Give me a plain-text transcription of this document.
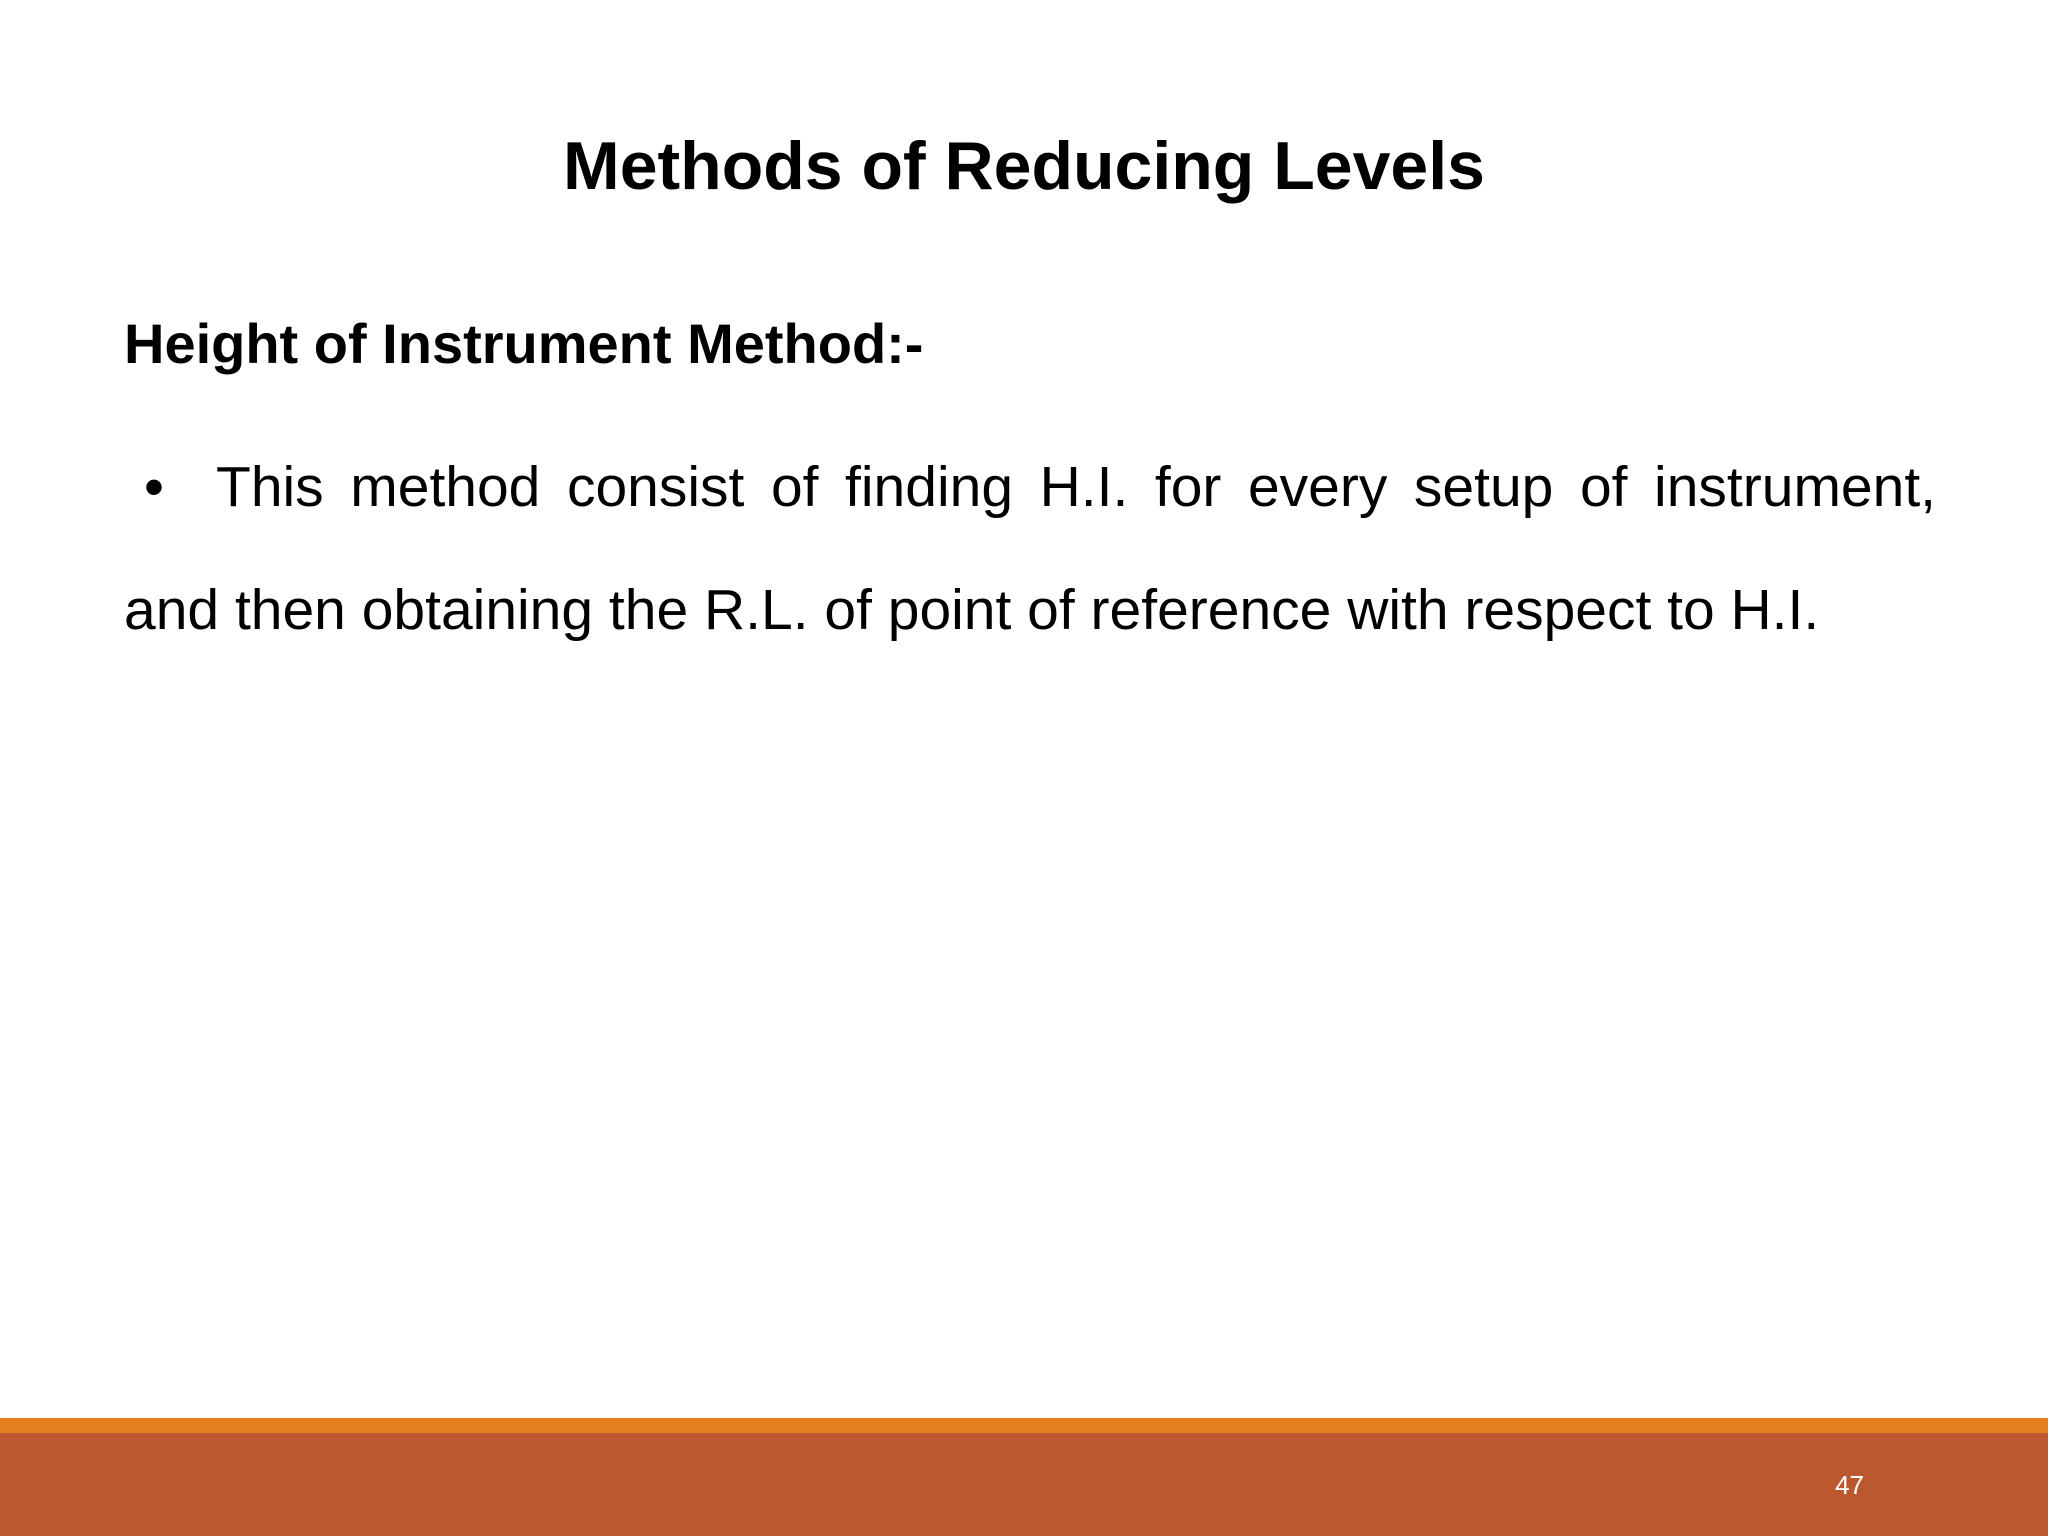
Methods of Reducing Levels
Height of Instrument Method:-

• This method consist of finding H.I. for every setup of instrument, and then obtaining the R.L. of point of reference with respect to H.I.

47
